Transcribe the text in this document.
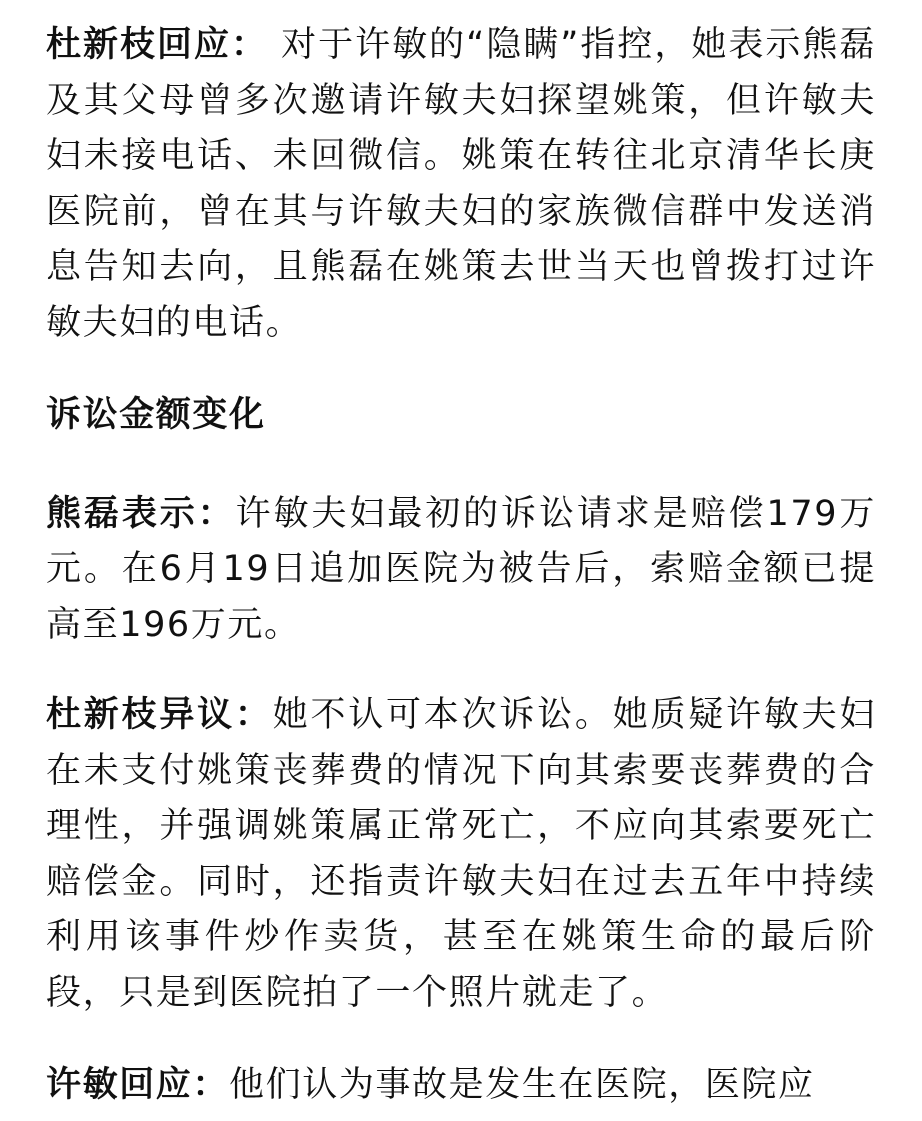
杜新枝回应： 对于许敏的“隐瞒”指控，她表示熊磊及其父母曾多次邀请许敏夫妇探望姚策，但许敏夫妇未接电话、未回微信。姚策在转往北京清华长庚医院前，曾在其与许敏夫妇的家族微信群中发送消息告知去向，且熊磊在姚策去世当天也曾拨打过许敏夫妇的电话。

诉讼金额变化

熊磊表示：许敏夫妇最初的诉讼请求是赔偿179万元。在6月19日追加医院为被告后，索赔金额已提高至196万元。

杜新枝异议：她不认可本次诉讼。她质疑许敏夫妇在未支付姚策丧葬费的情况下向其索要丧葬费的合理性，并强调姚策属正常死亡，不应向其索要死亡赔偿金。同时，还指责许敏夫妇在过去五年中持续利用该事件炒作卖货，甚至在姚策生命的最后阶段，只是到医院拍了一个照片就走了。

许敏回应：他们认为事故是发生在医院，医院应
